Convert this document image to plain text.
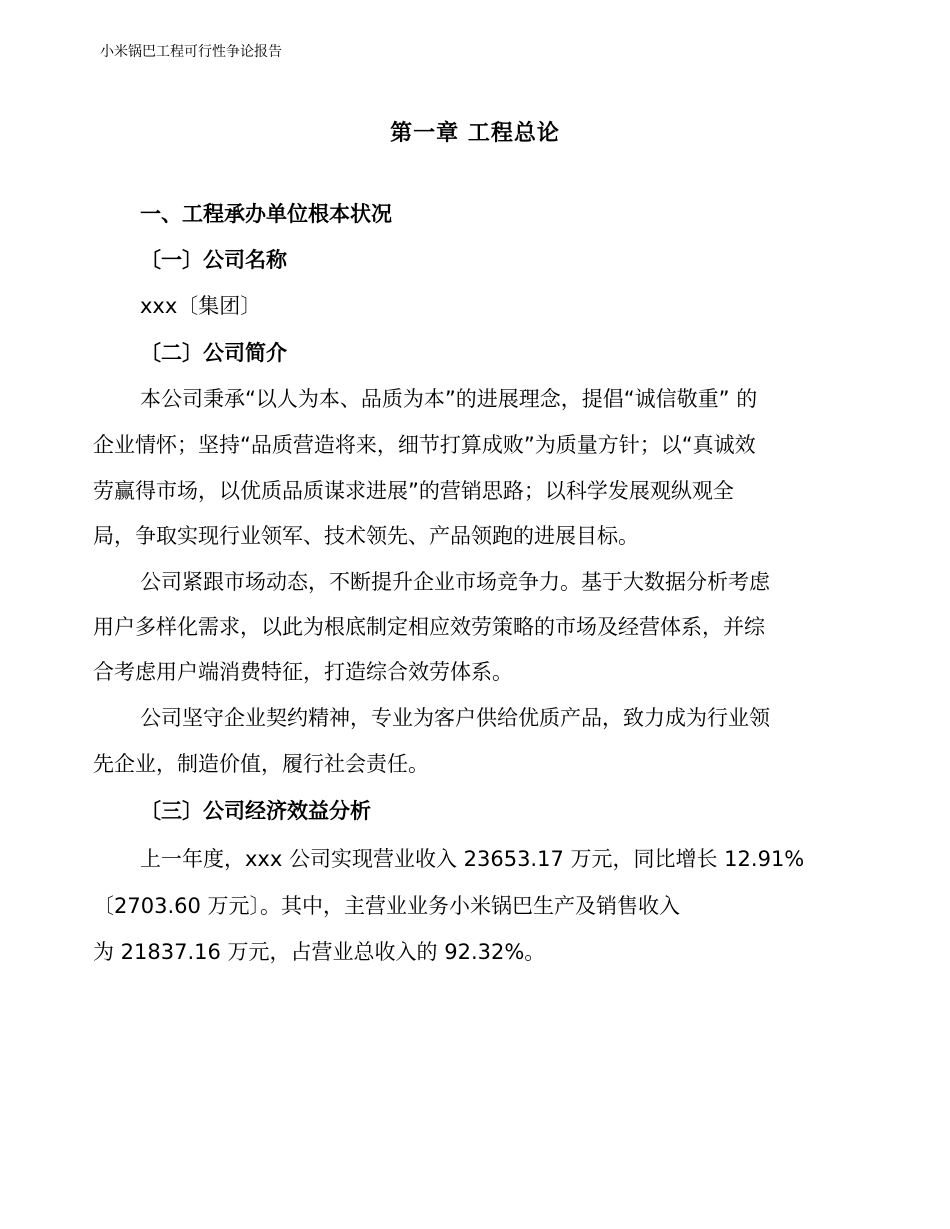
小米锅巴工程可行性争论报告
第一章 工程总论
一、工程承办单位根本状况
〔一〕公司名称
xxx〔集团〕
〔二〕公司简介
本公司秉承“以人为本、品质为本”的进展理念，提倡“诚信敬重” 的
企业情怀；坚持“品质营造将来，细节打算成败”为质量方针；以“真诚效
劳赢得市场，以优质品质谋求进展”的营销思路；以科学发展观纵观全
局，争取实现行业领军、技术领先、产品领跑的进展目标。
公司紧跟市场动态，不断提升企业市场竞争力。基于大数据分析考虑
用户多样化需求，以此为根底制定相应效劳策略的市场及经营体系，并综
合考虑用户端消费特征，打造综合效劳体系。
公司坚守企业契约精神，专业为客户供给优质产品，致力成为行业领
先企业，制造价值，履行社会责任。
〔三〕公司经济效益分析
上一年度，xxx 公司实现营业收入 23653.17 万元，同比增长 12.91%
〔2703.60 万元〕。其中，主营业业务小米锅巴生产及销售收入
为 21837.16 万元，占营业总收入的 92.32%。
